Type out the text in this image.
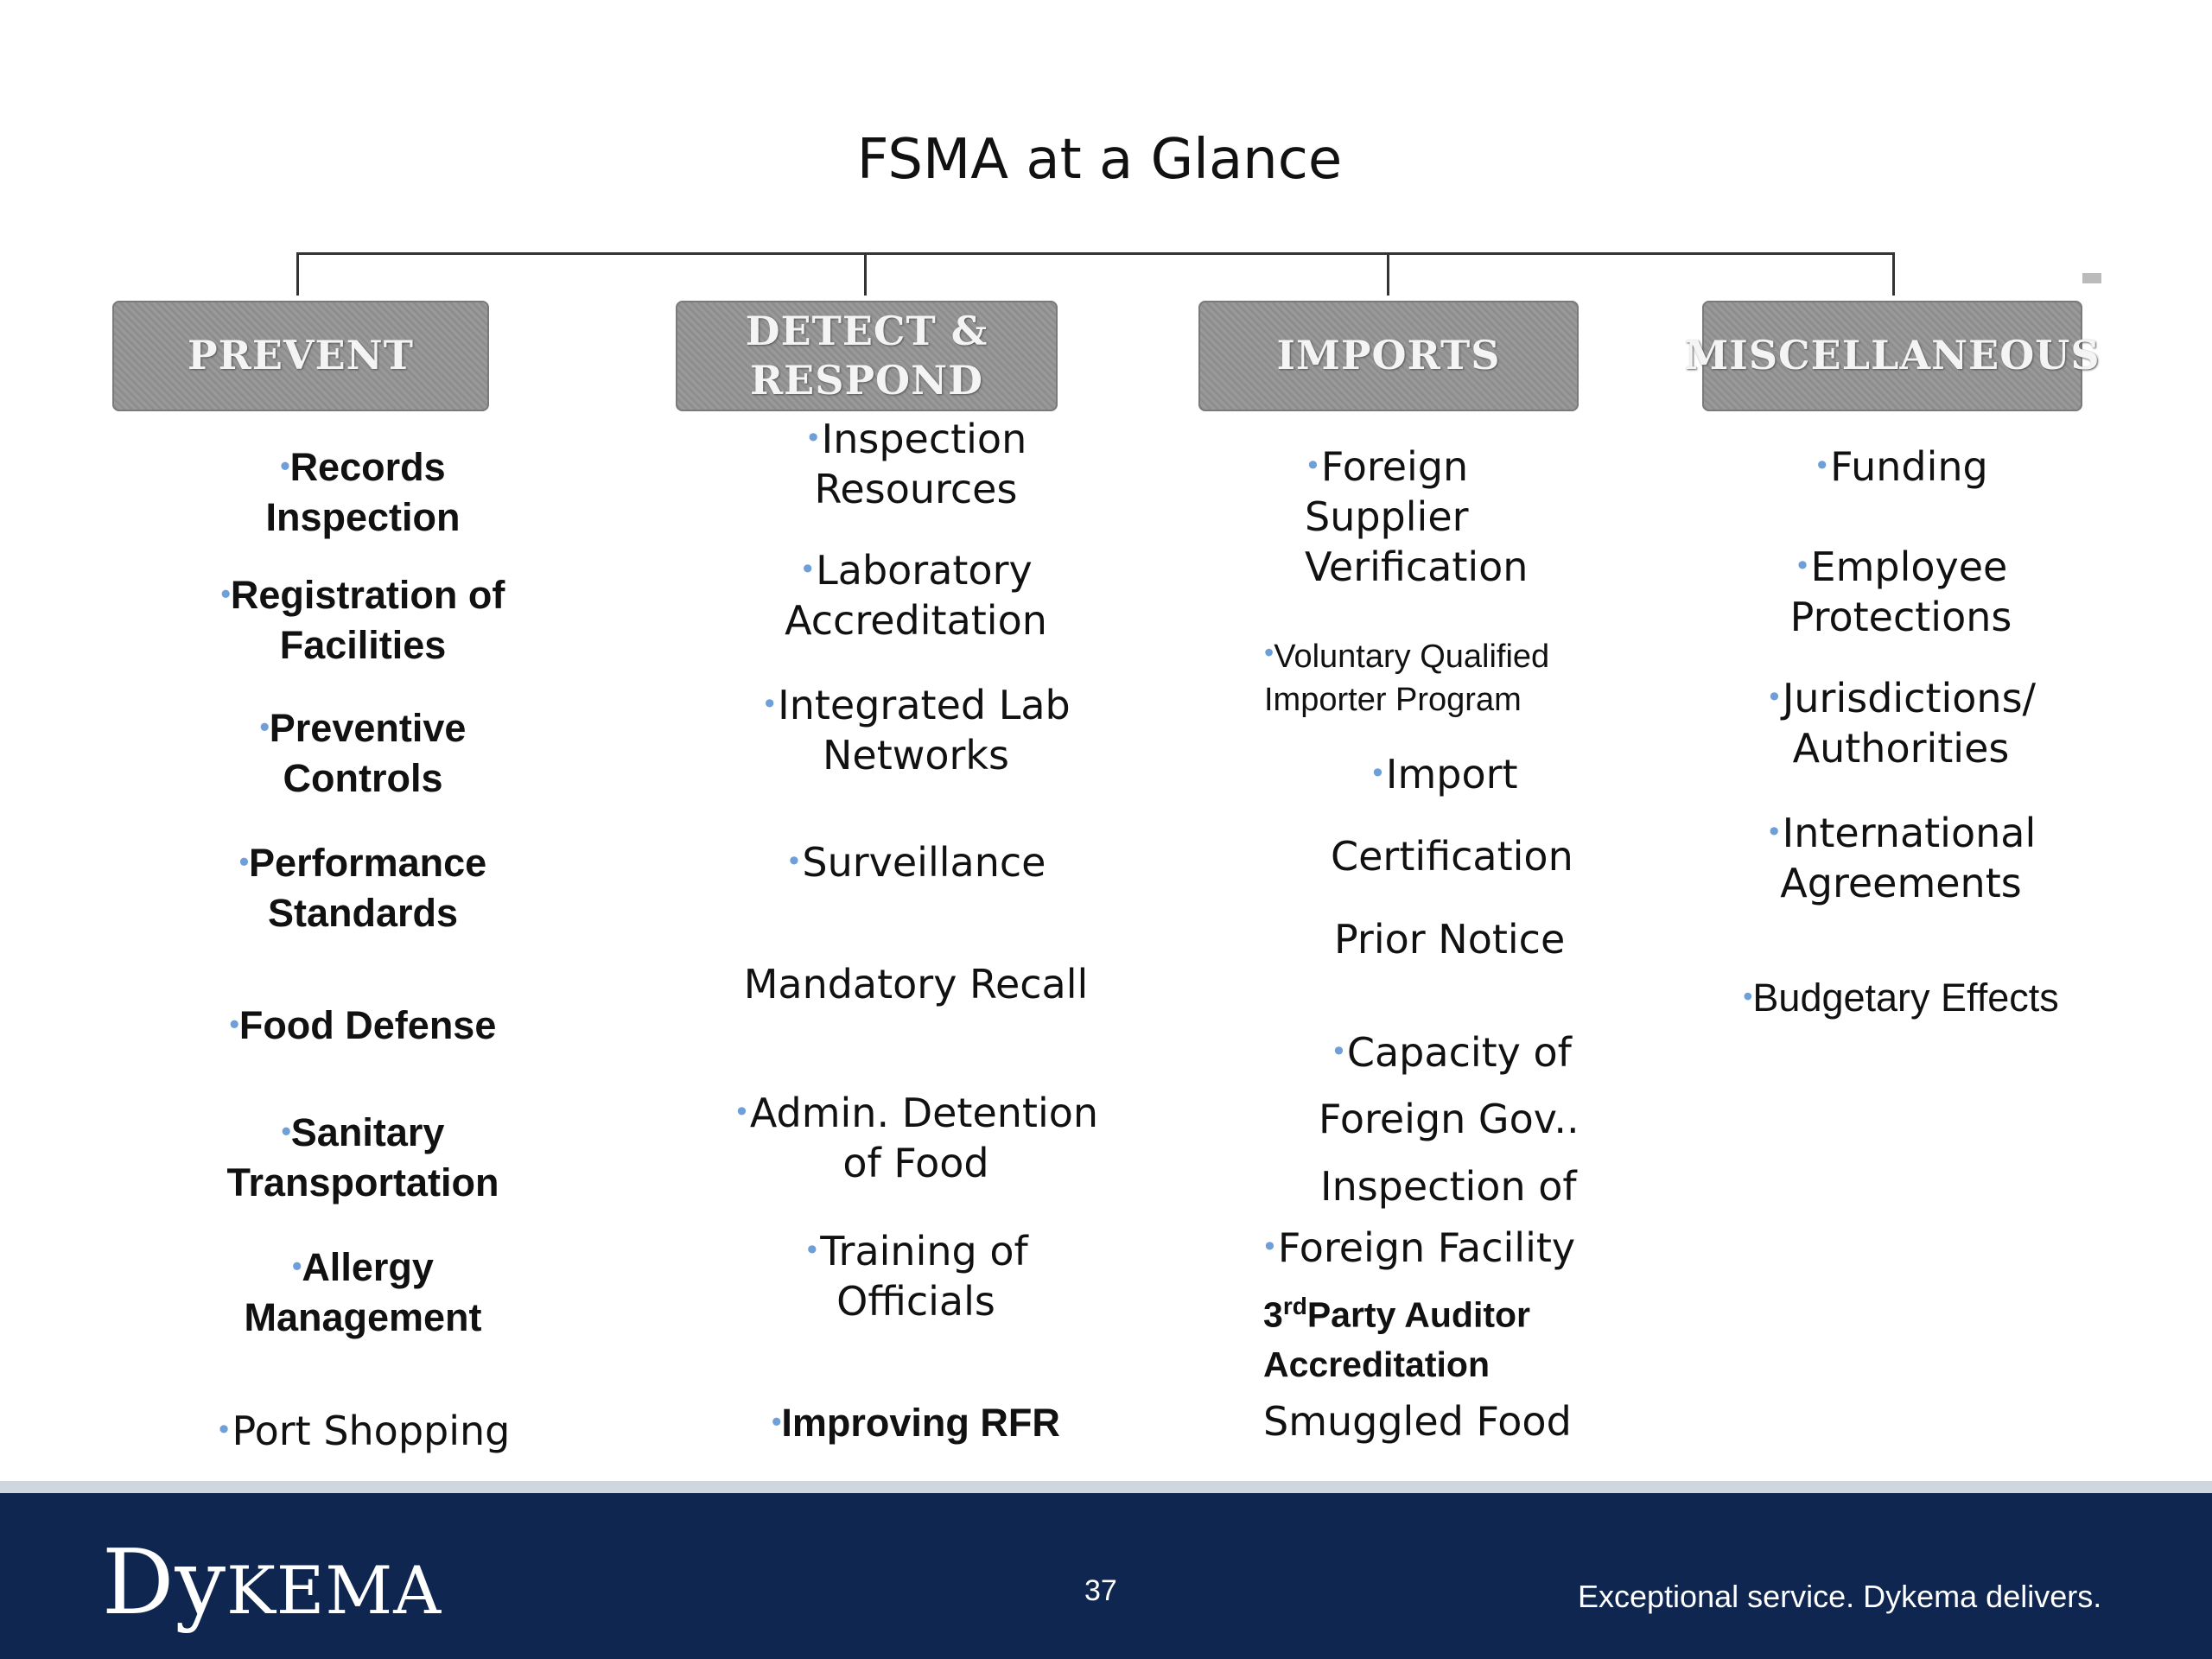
FSMA at a Glance
PREVENT
DETECT &
RESPOND
IMPORTS	MISCELLANEOUS
•Records
Inspection
•Registration of
Facilities
•Preventive
Controls
•Performance
Standards
•Food Defense
•Sanitary
Transportation
•Allergy
Management
•Port Shopping
•Inspection
Resources
•Laboratory
Accreditation
•Integrated Lab
Networks
•Surveillance
Mandatory Recall
•Admin. Detention
of Food
•Training of
Officials
•Improving RFR
•Foreign
Supplier
Verification
•Voluntary Qualified
Importer Program
•Import
Certification
Prior Notice
•Capacity of
Foreign Gov..
Inspection of
•Foreign Facility
3rdParty Auditor
Accreditation
Smuggled Food
•Funding
•Employee
Protections
•Jurisdictions/
Authorities
•International
Agreements
•Budgetary Effects
DyKEMA	37	Exceptional service. Dykema delivers.
